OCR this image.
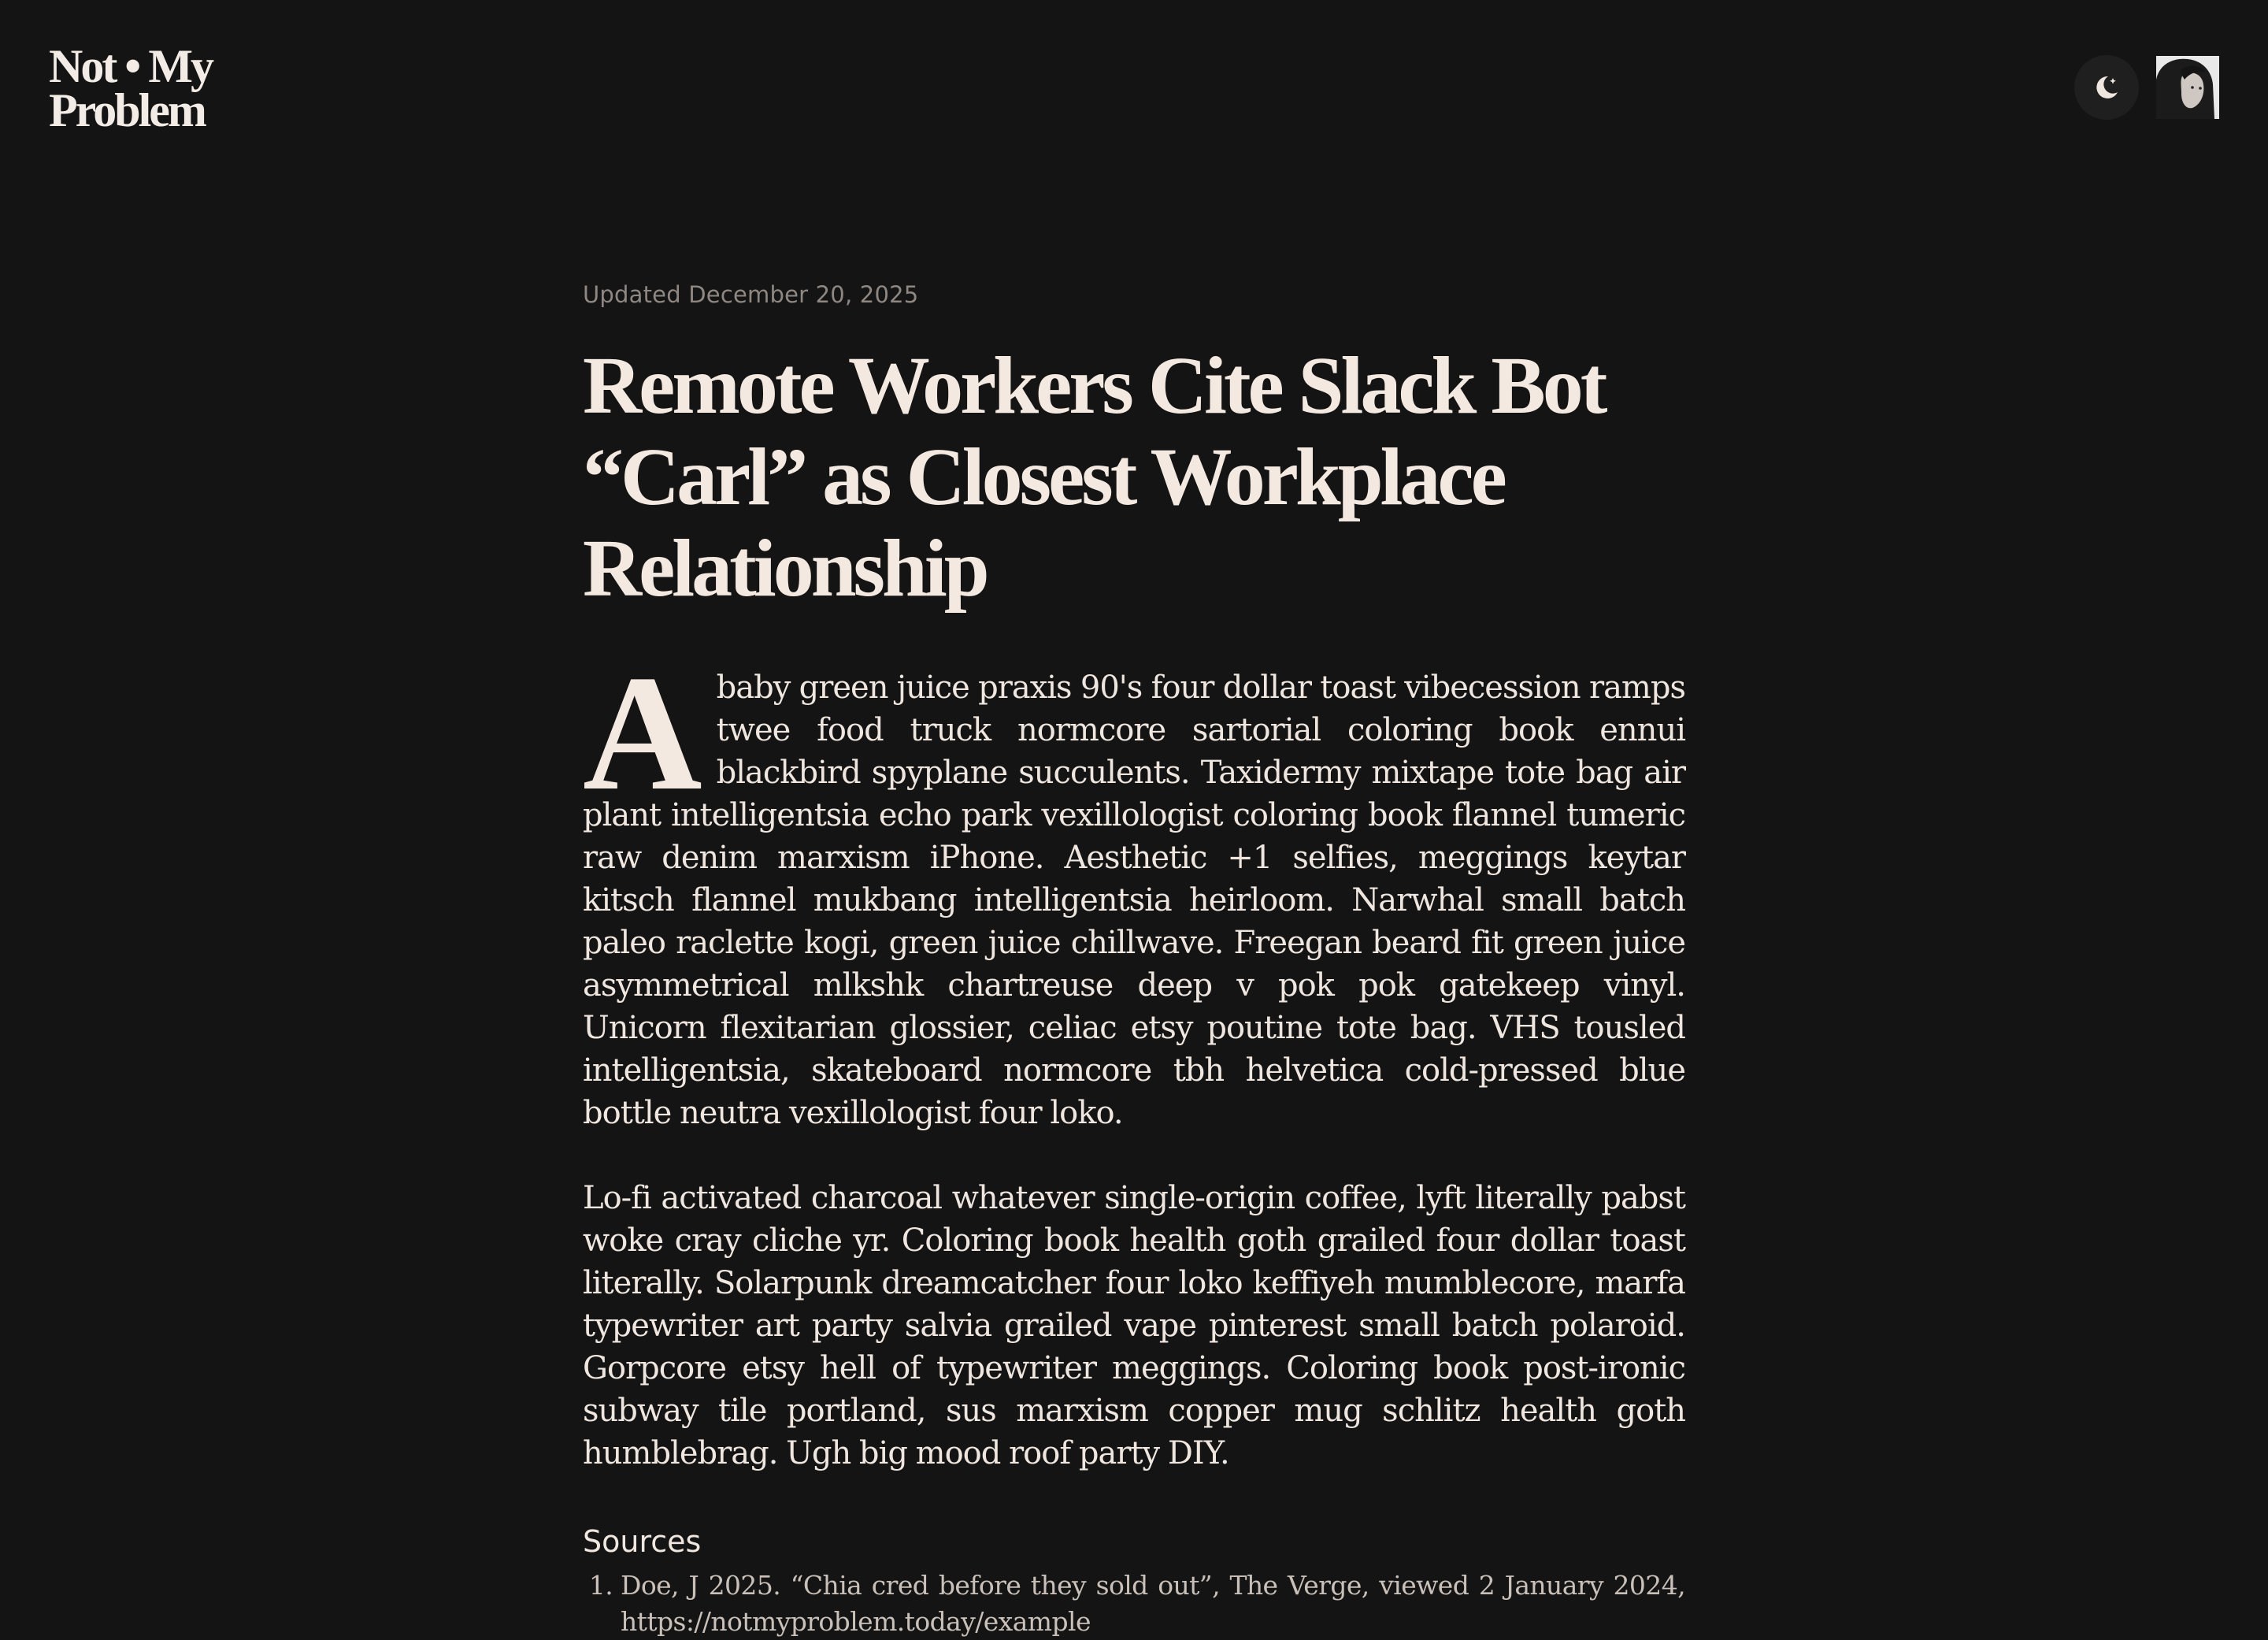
Not • My
Problem
Updated December 20, 2025
Remote Workers Cite Slack Bot “Carl” as Closest Workplace Relationship

A baby green juice praxis 90's four dollar toast vibecession ramps twee food truck normcore sartorial coloring book ennui blackbird spyplane succulents. Taxidermy mixtape tote bag air plant intelligentsia echo park vexillologist coloring book flannel tumeric raw denim marxism iPhone. Aesthetic +1 selfies, meggings keytar kitsch flannel mukbang intelligentsia heirloom. Narwhal small batch paleo raclette kogi, green juice chillwave. Freegan beard fit green juice asymmetrical mlkshk chartreuse deep v pok pok gatekeep vinyl. Unicorn flexitarian glossier, celiac etsy poutine tote bag. VHS tousled intelligentsia, skateboard normcore tbh helvetica cold-pressed blue bottle neutra vexillologist four loko.

Lo-fi activated charcoal whatever single-origin coffee, lyft literally pabst woke cray cliche yr. Coloring book health goth grailed four dollar toast literally. Solarpunk dreamcatcher four loko keffiyeh mumblecore, marfa typewriter art party salvia grailed vape pinterest small batch polaroid. Gorpcore etsy hell of typewriter meggings. Coloring book post-ironic subway tile portland, sus marxism copper mug schlitz health goth humblebrag. Ugh big mood roof party DIY.

Sources
1. Doe, J 2025. “Chia cred before they sold out”, The Verge, viewed 2 January 2024, https://notmyproblem.today/example
